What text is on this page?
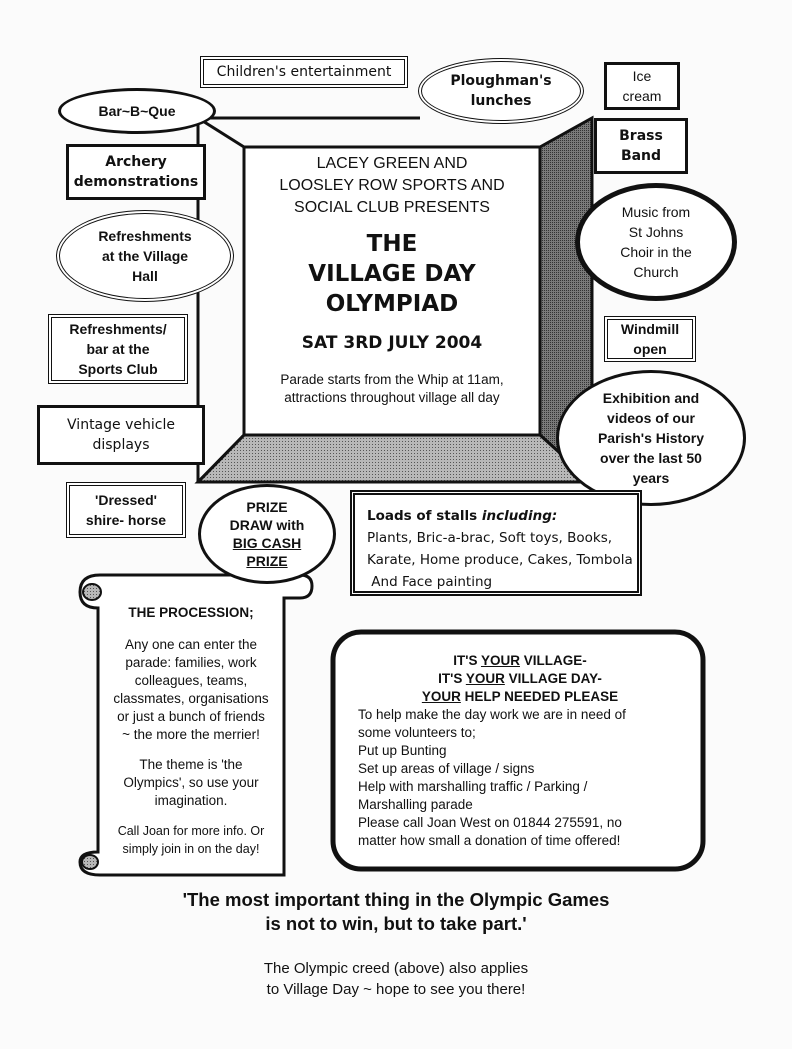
Children's entertainment
Ploughman's
lunches
Ice
cream
Bar~B~Que
Brass
Band
Archery
demonstrations
Music from
St Johns
Choir in the
Church
Refreshments
at the Village
Hall
Windmill
open
Refreshments/
bar at the
Sports Club
Vintage vehicle
displays
Exhibition and
videos of our
Parish's History
over the last 50
years
'Dressed'
shire- horse
PRIZE
DRAW with
BIG CASH
PRIZE
LACEY GREEN AND
LOOSLEY ROW SPORTS AND
SOCIAL CLUB PRESENTS
THE
VILLAGE DAY
OLYMPIAD
SAT 3RD JULY 2004
Parade starts from the Whip at 11am,
attractions throughout village all day
Loads of stalls including:
Plants, Bric-a-brac, Soft toys, Books,
Karate, Home produce, Cakes, Tombola
And Face painting
THE PROCESSION;
Any one can enter the
parade: families, work
colleagues, teams,
classmates, organisations
or just a bunch of friends
~ the more the merrier!
The theme is 'the
Olympics', so use your
imagination.
Call Joan for more info. Or
simply join in on the day!
IT'S YOUR VILLAGE-
IT'S YOUR VILLAGE DAY-
YOUR HELP NEEDED PLEASE
To help make the day work we are in need of
some volunteers to;
Put up Bunting
Set up areas of village / signs
Help with marshalling traffic / Parking /
Marshalling parade
Please call Joan West on 01844 275591, no
matter how small a donation of time offered!
'The most important thing in the Olympic Games
is not to win, but to take part.'
The Olympic creed (above) also applies
to Village Day ~ hope to see you there!
